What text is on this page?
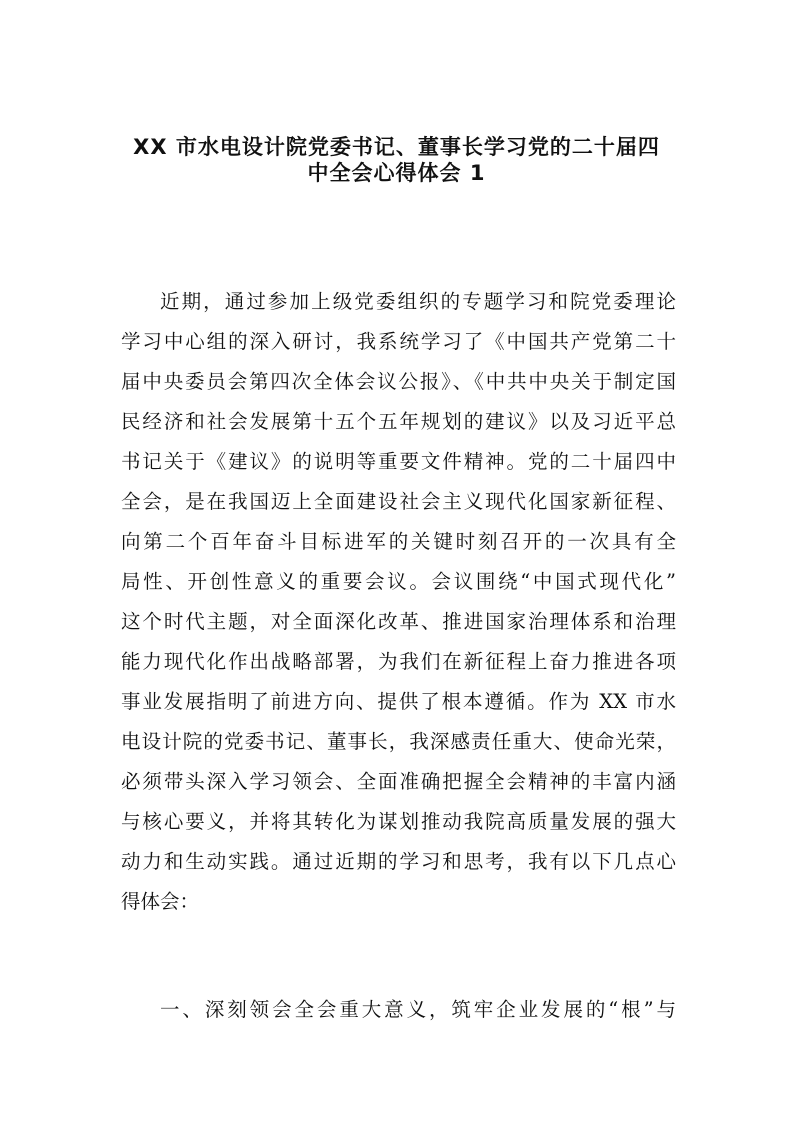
XX 市水电设计院党委书记、董事长学习党的二十届四
中全会心得体会 1
近期，通过参加上级党委组织的专题学习和院党委理论
学习中心组的深入研讨，我系统学习了《中国共产党第二十
届中央委员会第四次全体会议公报》、《中共中央关于制定国
民经济和社会发展第十五个五年规划的建议》以及习近平总
书记关于《建议》的说明等重要文件精神。党的二十届四中
全会，是在我国迈上全面建设社会主义现代化国家新征程、
向第二个百年奋斗目标进军的关键时刻召开的一次具有全
局性、开创性意义的重要会议。会议围绕“中国式现代化”
这个时代主题，对全面深化改革、推进国家治理体系和治理
能力现代化作出战略部署，为我们在新征程上奋力推进各项
事业发展指明了前进方向、提供了根本遵循。作为 XX 市水
电设计院的党委书记、董事长，我深感责任重大、使命光荣，
必须带头深入学习领会、全面准确把握全会精神的丰富内涵
与核心要义，并将其转化为谋划推动我院高质量发展的强大
动力和生动实践。通过近期的学习和思考，我有以下几点心
得体会：
一、深刻领会全会重大意义，筑牢企业发展的“根”与
